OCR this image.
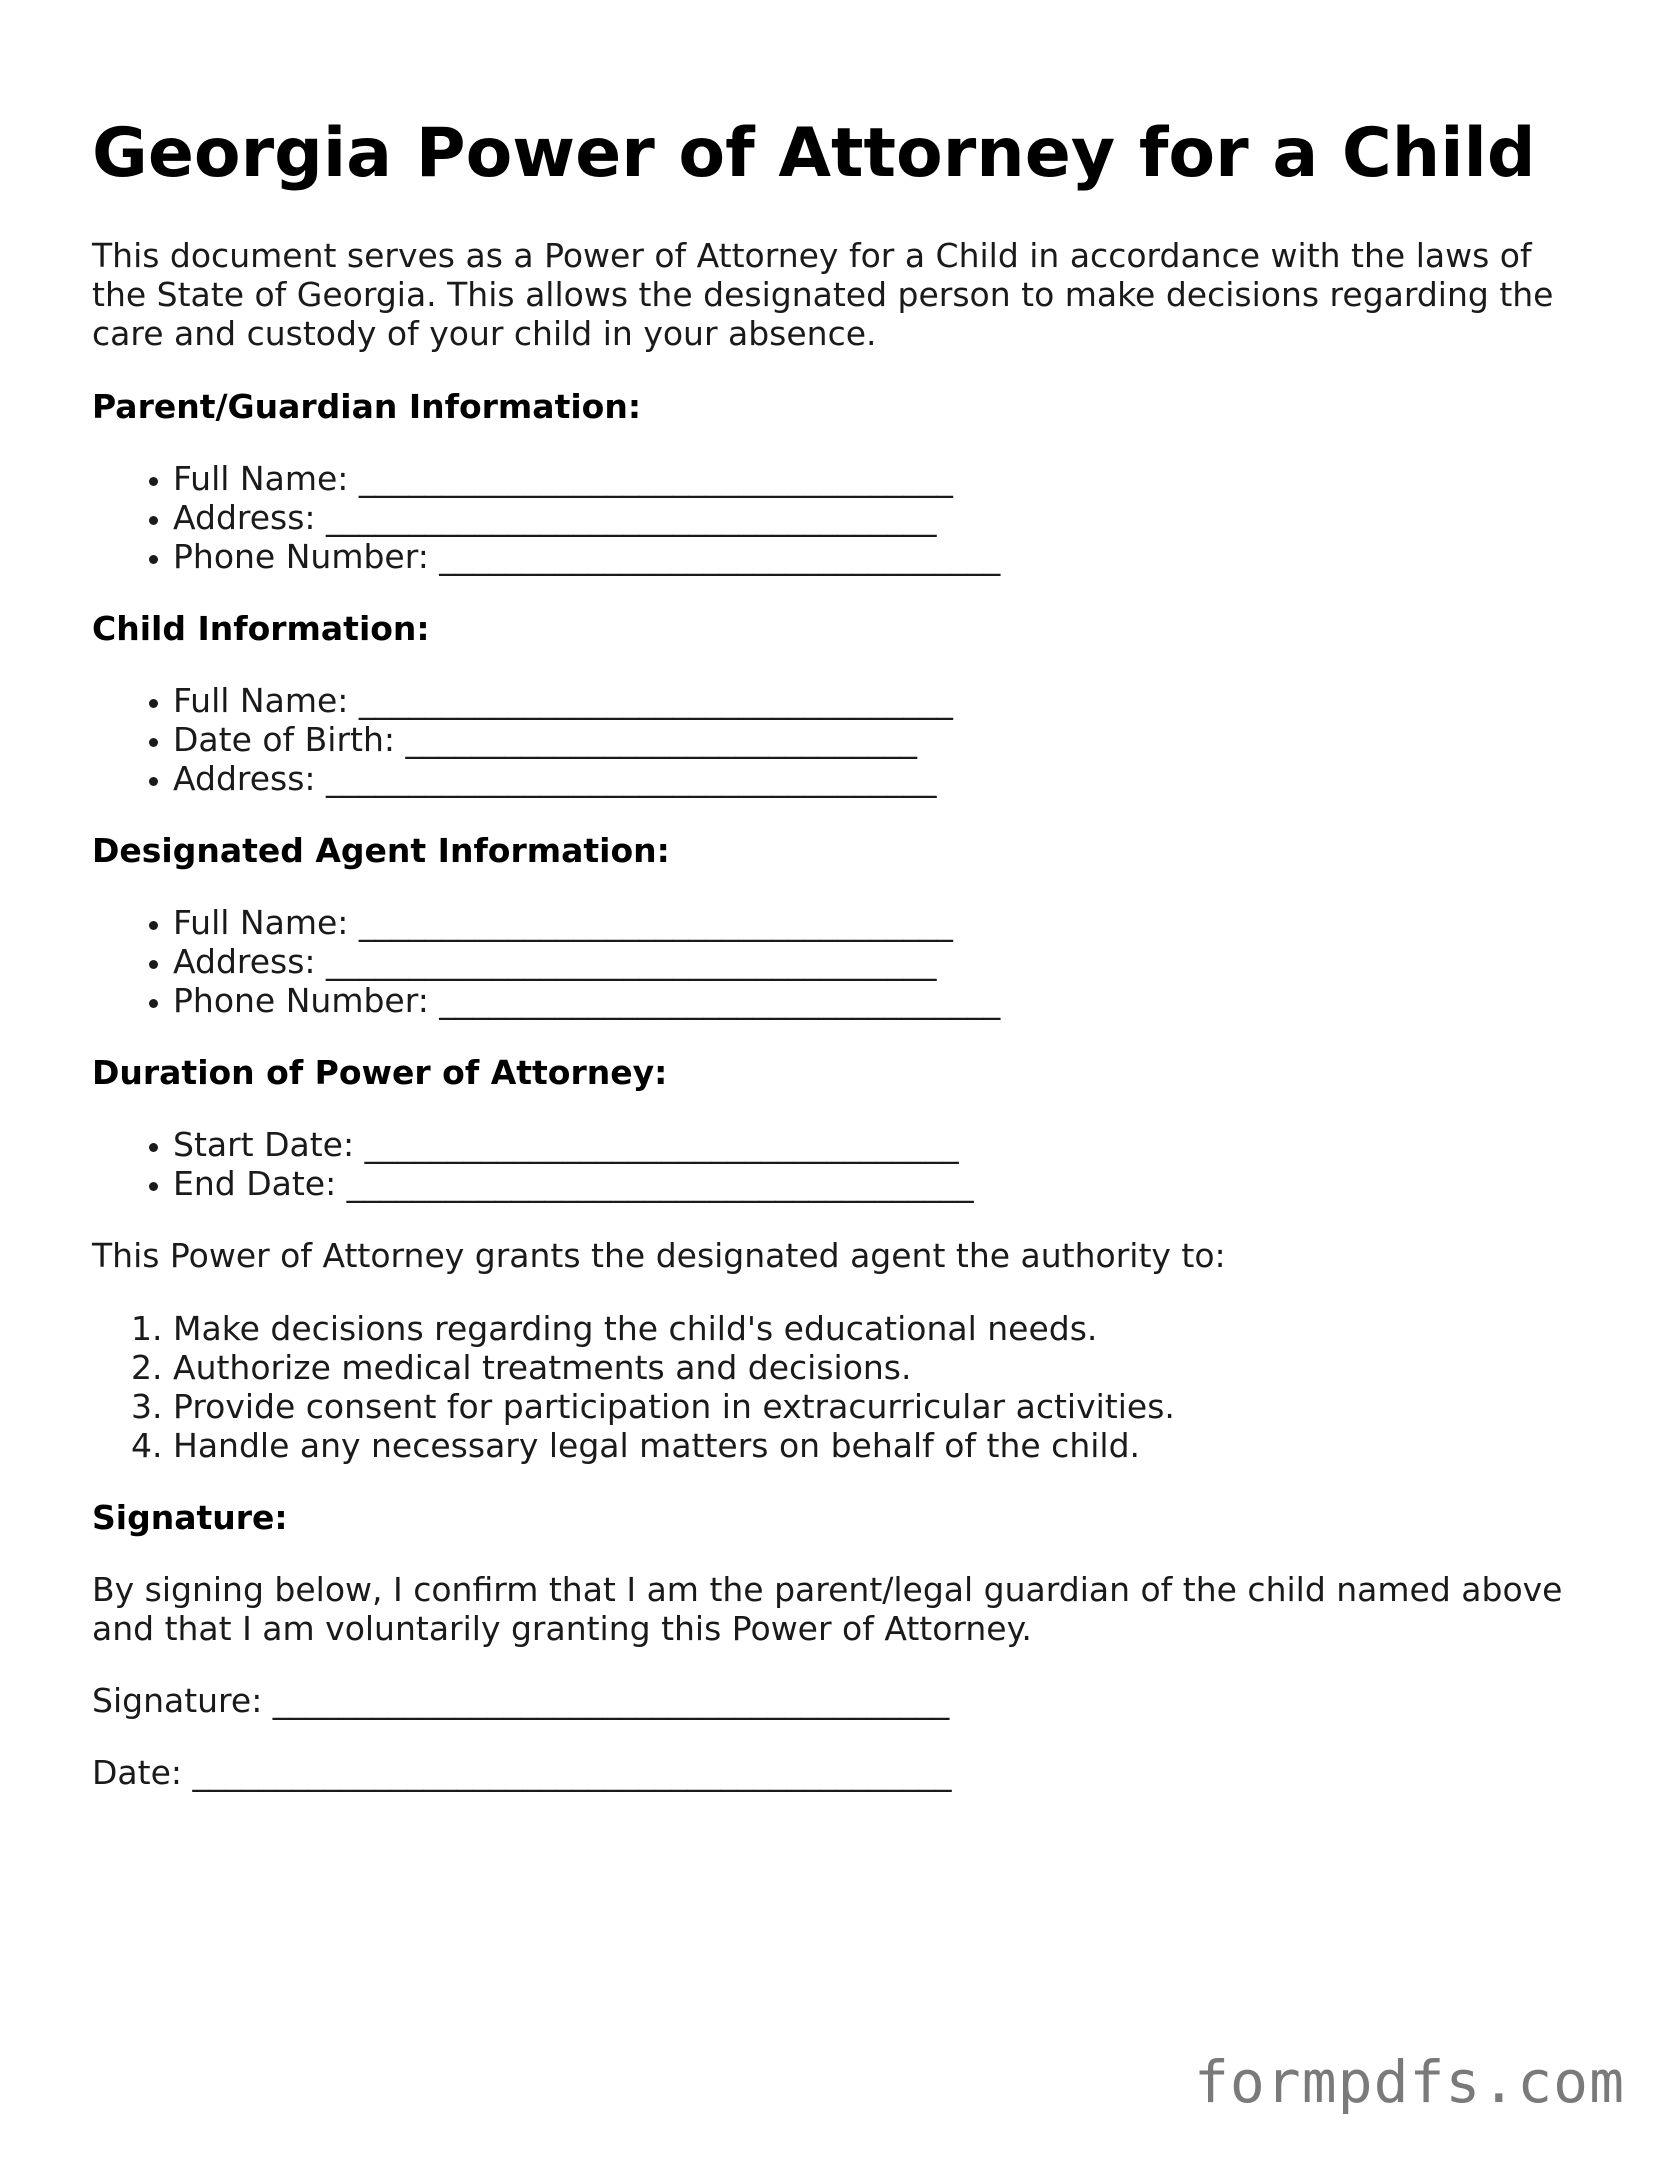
Georgia Power of Attorney for a Child

This document serves as a Power of Attorney for a Child in accordance with the laws of the State of Georgia. This allows the designated person to make decisions regarding the care and custody of your child in your absence.

Parent/Guardian Information:
• Full Name: ____________________________________
• Address: _____________________________________
• Phone Number: __________________________________
Child Information:
• Full Name: ____________________________________
• Date of Birth: _______________________________
• Address: _____________________________________
Designated Agent Information:
• Full Name: ____________________________________
• Address: _____________________________________
• Phone Number: __________________________________
Duration of Power of Attorney:
• Start Date: ____________________________________
• End Date: ______________________________________

This Power of Attorney grants the designated agent the authority to:

1. Make decisions regarding the child's educational needs.
2. Authorize medical treatments and decisions.
3. Provide consent for participation in extracurricular activities.
4. Handle any necessary legal matters on behalf of the child.
Signature:

By signing below, I confirm that I am the parent/legal guardian of the child named above and that I am voluntarily granting this Power of Attorney.

Signature: _________________________________________

Date: ______________________________________________

formpdfs.com
